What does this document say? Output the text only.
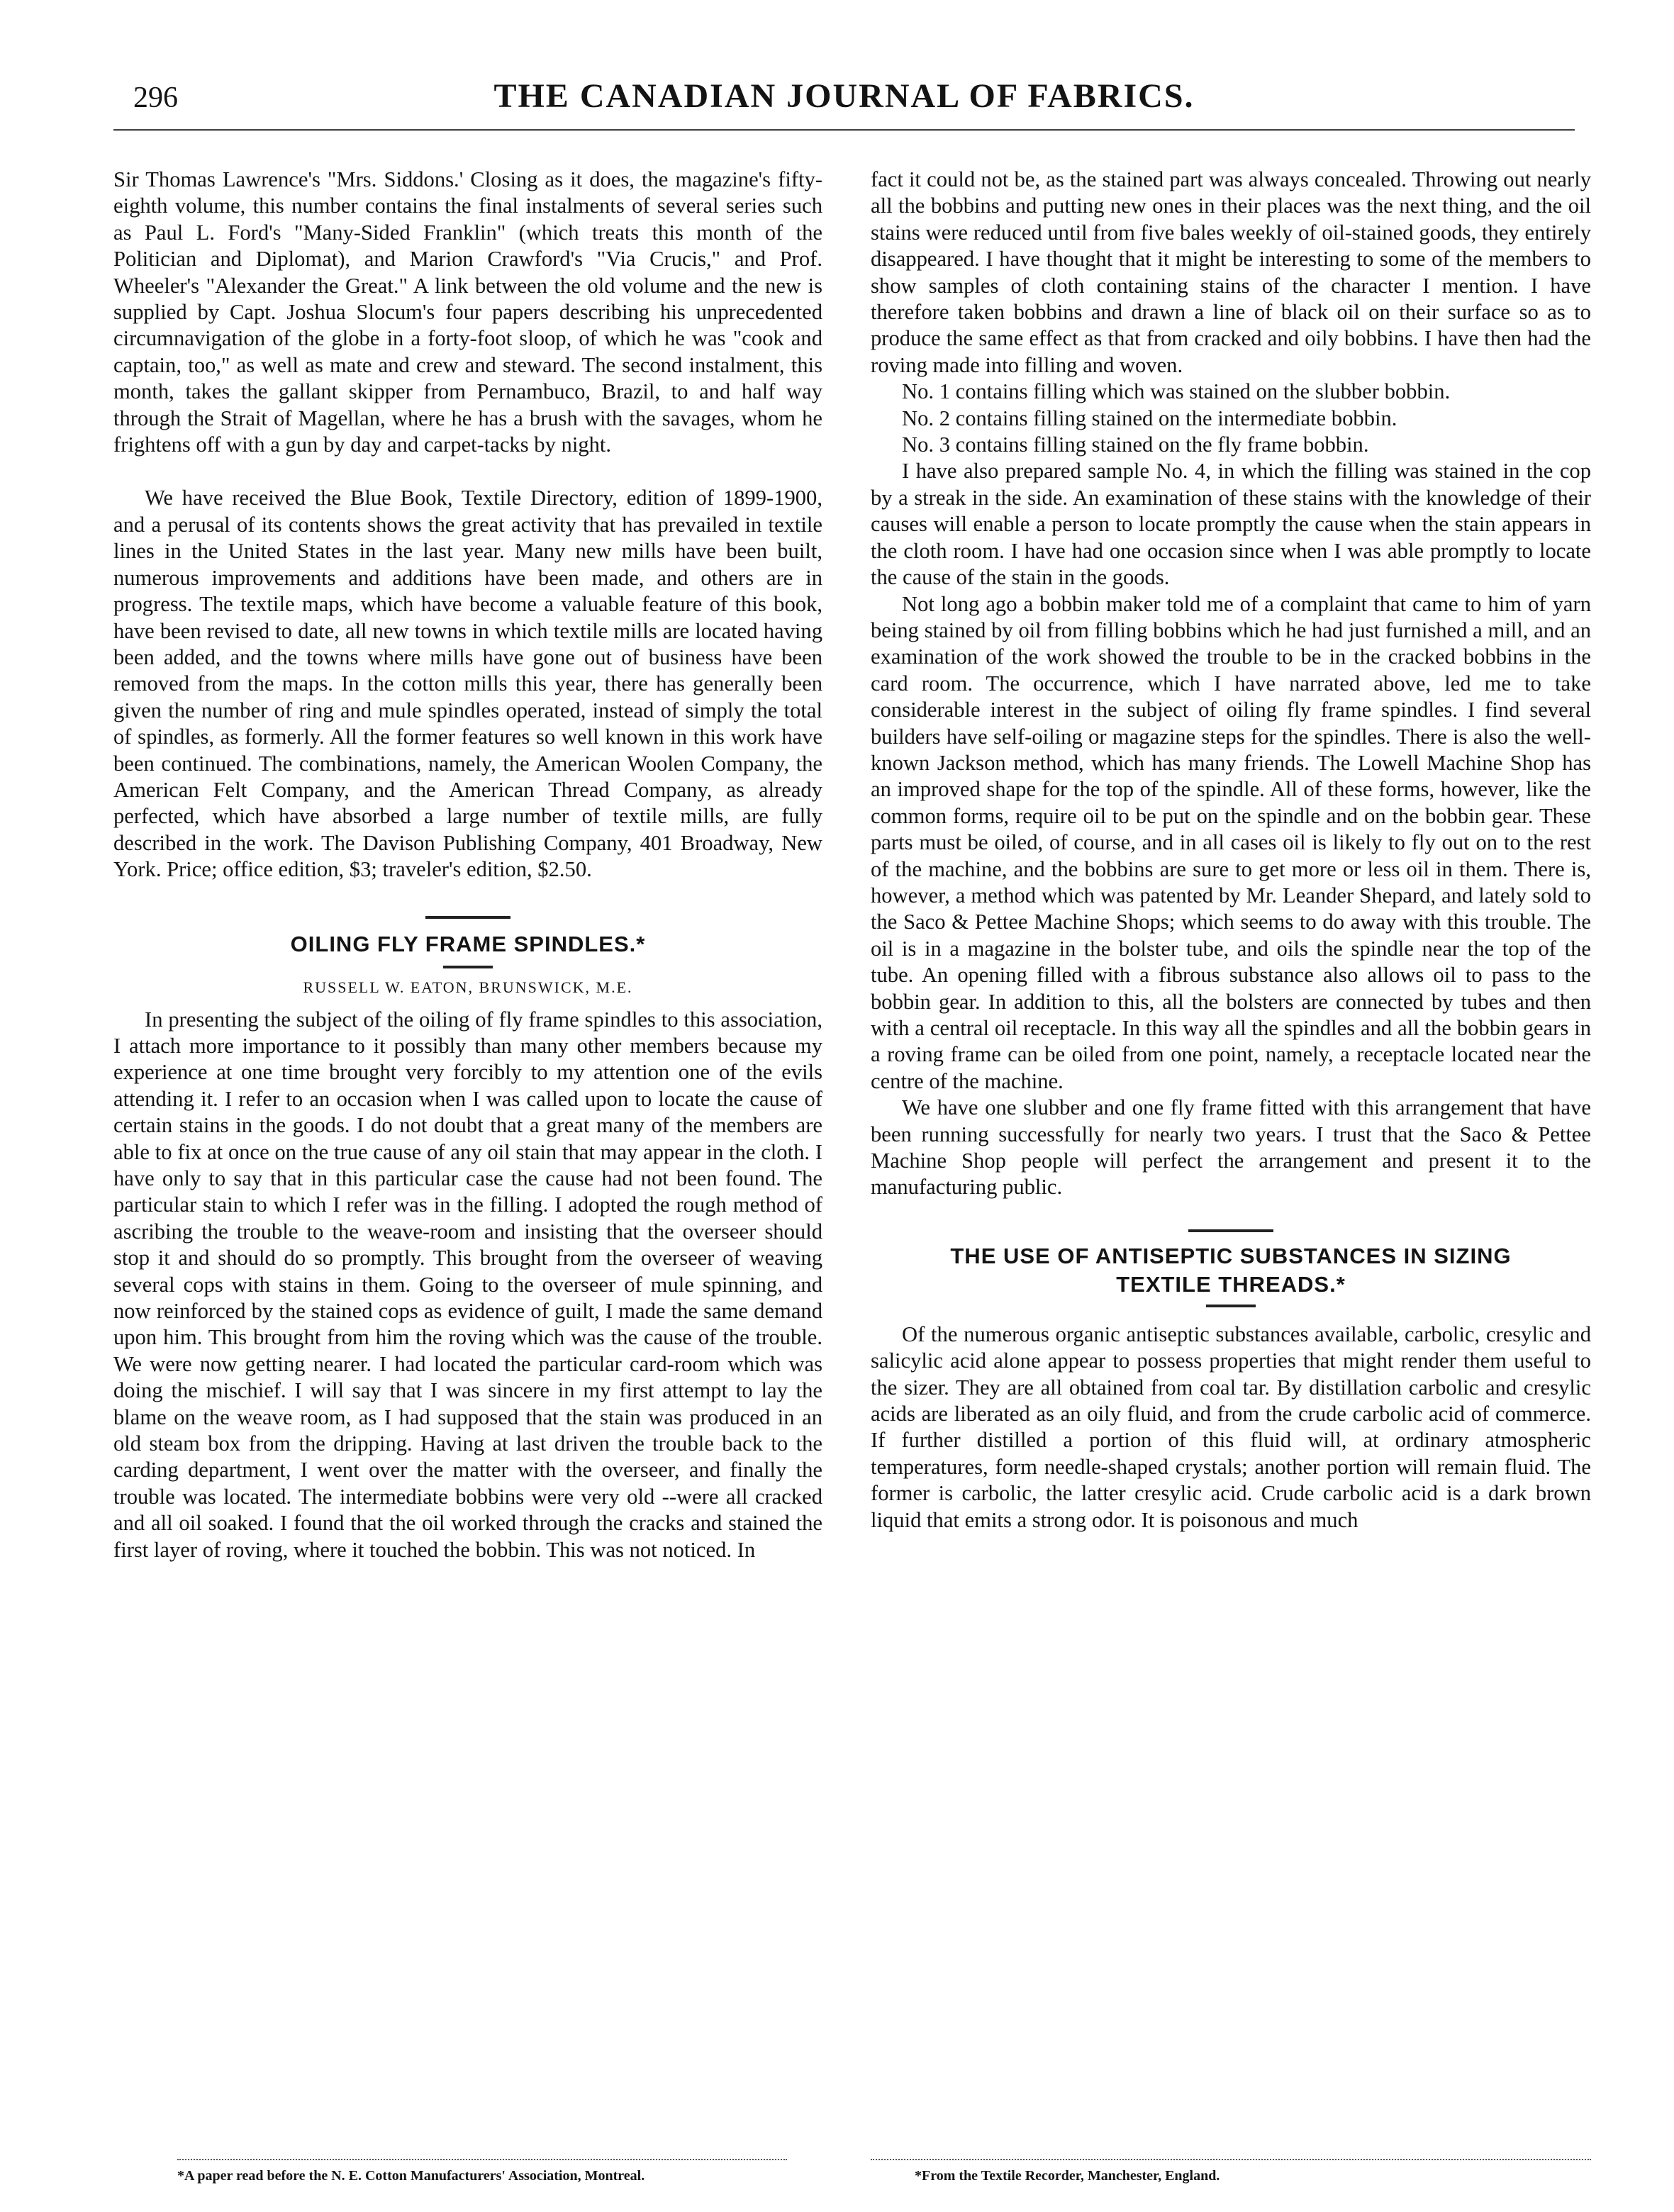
296	THE CANADIAN JOURNAL OF FABRICS.

Sir Thomas Lawrence's "Mrs. Siddons.' Closing as it does, the magazine's fifty-eighth volume, this number contains the final instalments of several series such as Paul L. Ford's "Many-Sided Franklin" (which treats this month of the Politician and Diplomat), and Marion Crawford's "Via Crucis," and Prof. Wheeler's "Alexander the Great." A link between the old volume and the new is supplied by Capt. Joshua Slocum's four papers describing his unprecedented circumnavigation of the globe in a forty-foot sloop, of which he was "cook and captain, too," as well as mate and crew and steward. The second instalment, this month, takes the gallant skipper from Pernambuco, Brazil, to and half way through the Strait of Magellan, where he has a brush with the savages, whom he frightens off with a gun by day and carpet-tacks by night.

We have received the Blue Book, Textile Directory, edition of 1899-1900, and a perusal of its contents shows the great activity that has prevailed in textile lines in the United States in the last year. Many new mills have been built, numerous improvements and additions have been made, and others are in progress. The textile maps, which have become a valuable feature of this book, have been revised to date, all new towns in which textile mills are located having been added, and the towns where mills have gone out of business have been removed from the maps. In the cotton mills this year, there has generally been given the number of ring and mule spindles operated, instead of simply the total of spindles, as formerly. All the former features so well known in this work have been continued. The combinations, namely, the American Woolen Company, the American Felt Company, and the American Thread Company, as already perfected, which have absorbed a large number of textile mills, are fully described in the work. The Davison Publishing Company, 401 Broadway, New York. Price; office edition, $3; traveler's edition, $2.50.

OILING FLY FRAME SPINDLES.*
RUSSELL W. EATON, BRUNSWICK, M.E.

In presenting the subject of the oiling of fly frame spindles to this association, I attach more importance to it possibly than many other members because my experience at one time brought very forcibly to my attention one of the evils attending it. I refer to an occasion when I was called upon to locate the cause of certain stains in the goods. I do not doubt that a great many of the members are able to fix at once on the true cause of any oil stain that may appear in the cloth. I have only to say that in this particular case the cause had not been found. The particular stain to which I refer was in the filling. I adopted the rough method of ascribing the trouble to the weave-room and insisting that the overseer should stop it and should do so promptly. This brought from the overseer of weaving several cops with stains in them. Going to the overseer of mule spinning, and now reinforced by the stained cops as evidence of guilt, I made the same demand upon him. This brought from him the roving which was the cause of the trouble. We were now getting nearer. I had located the particular card-room which was doing the mischief. I will say that I was sincere in my first attempt to lay the blame on the weave room, as I had supposed that the stain was produced in an old steam box from the dripping. Having at last driven the trouble back to the carding department, I went over the matter with the overseer, and finally the trouble was located. The intermediate bobbins were very old --were all cracked and all oil soaked. I found that the oil worked through the cracks and stained the first layer of roving, where it touched the bobbin. This was not noticed. In

fact it could not be, as the stained part was always concealed. Throwing out nearly all the bobbins and putting new ones in their places was the next thing, and the oil stains were reduced until from five bales weekly of oil-stained goods, they entirely disappeared. I have thought that it might be interesting to some of the members to show samples of cloth containing stains of the character I mention. I have therefore taken bobbins and drawn a line of black oil on their surface so as to produce the same effect as that from cracked and oily bobbins. I have then had the roving made into filling and woven.

No. 1 contains filling which was stained on the slubber bobbin.

No. 2 contains filling stained on the intermediate bobbin.

No. 3 contains filling stained on the fly frame bobbin.

I have also prepared sample No. 4, in which the filling was stained in the cop by a streak in the side. An examination of these stains with the knowledge of their causes will enable a person to locate promptly the cause when the stain appears in the cloth room. I have had one occasion since when I was able promptly to locate the cause of the stain in the goods.

Not long ago a bobbin maker told me of a complaint that came to him of yarn being stained by oil from filling bobbins which he had just furnished a mill, and an examination of the work showed the trouble to be in the cracked bobbins in the card room. The occurrence, which I have narrated above, led me to take considerable interest in the subject of oiling fly frame spindles. I find several builders have self-oiling or magazine steps for the spindles. There is also the well-known Jackson method, which has many friends. The Lowell Machine Shop has an improved shape for the top of the spindle. All of these forms, however, like the common forms, require oil to be put on the spindle and on the bobbin gear. These parts must be oiled, of course, and in all cases oil is likely to fly out on to the rest of the machine, and the bobbins are sure to get more or less oil in them. There is, however, a method which was patented by Mr. Leander Shepard, and lately sold to the Saco & Pettee Machine Shops; which seems to do away with this trouble. The oil is in a magazine in the bolster tube, and oils the spindle near the top of the tube. An opening filled with a fibrous substance also allows oil to pass to the bobbin gear. In addition to this, all the bolsters are connected by tubes and then with a central oil receptacle. In this way all the spindles and all the bobbin gears in a roving frame can be oiled from one point, namely, a receptacle located near the centre of the machine.

We have one slubber and one fly frame fitted with this arrangement that have been running successfully for nearly two years. I trust that the Saco & Pettee Machine Shop people will perfect the arrangement and present it to the manufacturing public.

THE USE OF ANTISEPTIC SUBSTANCES IN SIZING
TEXTILE THREADS.*

Of the numerous organic antiseptic substances available, carbolic, cresylic and salicylic acid alone appear to possess properties that might render them useful to the sizer. They are all obtained from coal tar. By distillation carbolic and cresylic acids are liberated as an oily fluid, and from the crude carbolic acid of commerce. If further distilled a portion of this fluid will, at ordinary atmospheric temperatures, form needle-shaped crystals; another portion will remain fluid. The former is carbolic, the latter cresylic acid. Crude carbolic acid is a dark brown liquid that emits a strong odor. It is poisonous and much

*A paper read before the N. E. Cotton Manufacturers' Association, Montreal.	*From the Textile Recorder, Manchester, England.
